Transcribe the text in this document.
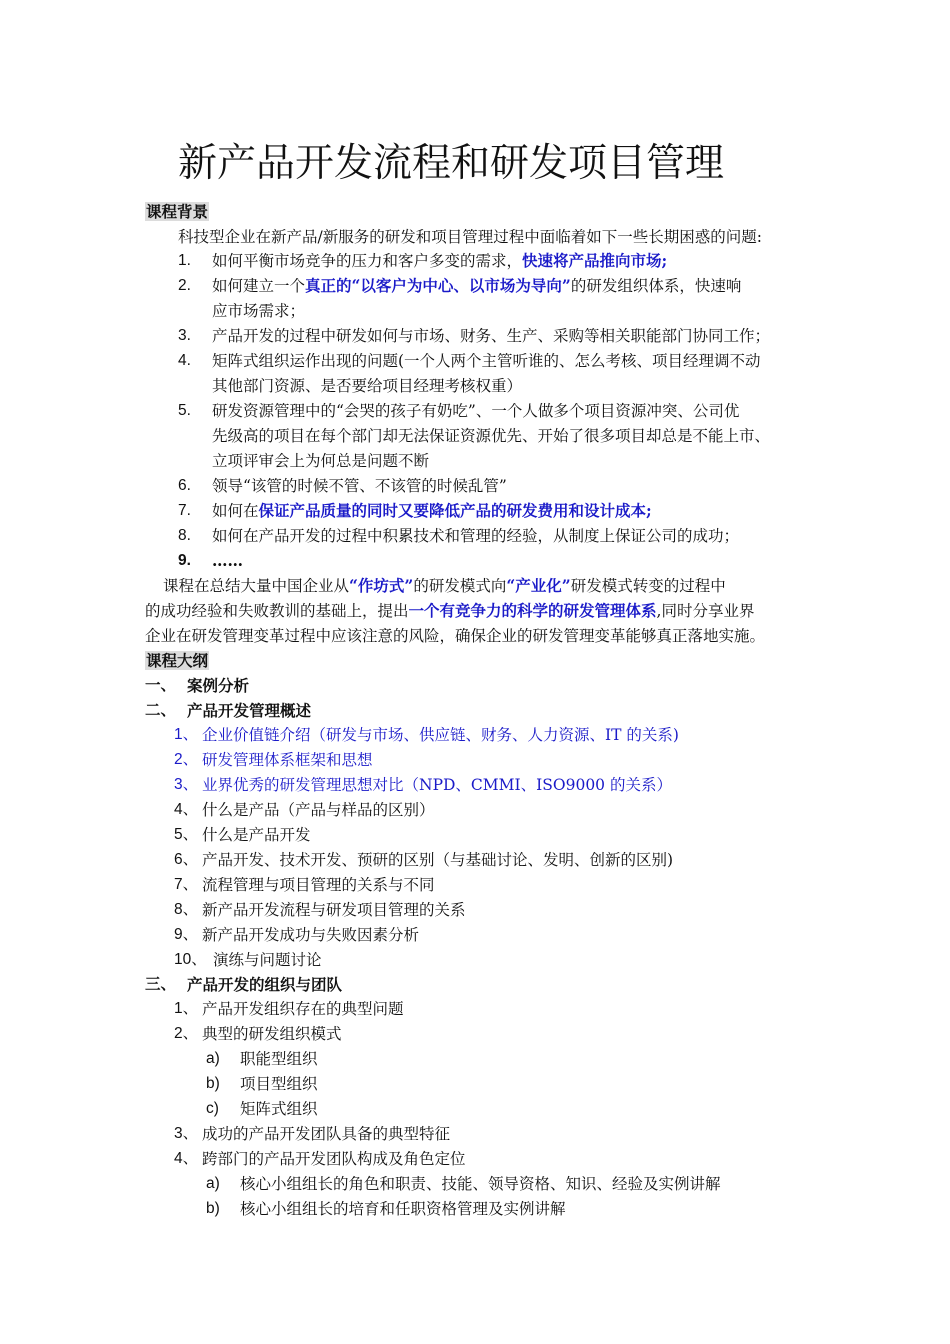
新产品开发流程和研发项目管理
课程背景
科技型企业在新产品/新服务的研发和项目管理过程中面临着如下一些长期困惑的问题:
1. 如何平衡市场竞争的压力和客户多变的需求，快速将产品推向市场;
2. 如何建立一个真正的“以客户为中心、以市场为导向”的研发组织体系，快速响
应市场需求；
3. 产品开发的过程中研发如何与市场、财务、生产、采购等相关职能部门协同工作；
4. 矩阵式组织运作出现的问题(一个人两个主管听谁的、怎么考核、项目经理调不动
其他部门资源、是否要给项目经理考核权重）
5. 研发资源管理中的“会哭的孩子有奶吃”、一个人做多个项目资源冲突、公司优
先级高的项目在每个部门却无法保证资源优先、开始了很多项目却总是不能上市、
立项评审会上为何总是问题不断
6. 领导“该管的时候不管、不该管的时候乱管”
7. 如何在保证产品质量的同时又要降低产品的研发费用和设计成本;
8. 如何在产品开发的过程中积累技术和管理的经验，从制度上保证公司的成功；
9. ……
课程在总结大量中国企业从“作坊式”的研发模式向“产业化”研发模式转变的过程中
的成功经验和失败教训的基础上，提出一个有竞争力的科学的研发管理体系,同时分享业界
企业在研发管理变革过程中应该注意的风险，确保企业的研发管理变革能够真正落地实施。
课程大纲
一、 案例分析
二、 产品开发管理概述
1、 企业价值链介绍（研发与市场、供应链、财务、人力资源、IT 的关系)
2、 研发管理体系框架和思想
3、 业界优秀的研发管理思想对比（NPD、CMMI、ISO9000 的关系）
4、 什么是产品（产品与样品的区别）
5、 什么是产品开发
6、 产品开发、技术开发、预研的区别（与基础讨论、发明、创新的区别)
7、 流程管理与项目管理的关系与不同
8、 新产品开发流程与研发项目管理的关系
9、 新产品开发成功与失败因素分析
10、 演练与问题讨论
三、 产品开发的组织与团队
1、 产品开发组织存在的典型问题
2、 典型的研发组织模式
a) 职能型组织
b) 项目型组织
c) 矩阵式组织
3、 成功的产品开发团队具备的典型特征
4、 跨部门的产品开发团队构成及角色定位
a) 核心小组组长的角色和职责、技能、领导资格、知识、经验及实例讲解
b) 核心小组组长的培育和任职资格管理及实例讲解
